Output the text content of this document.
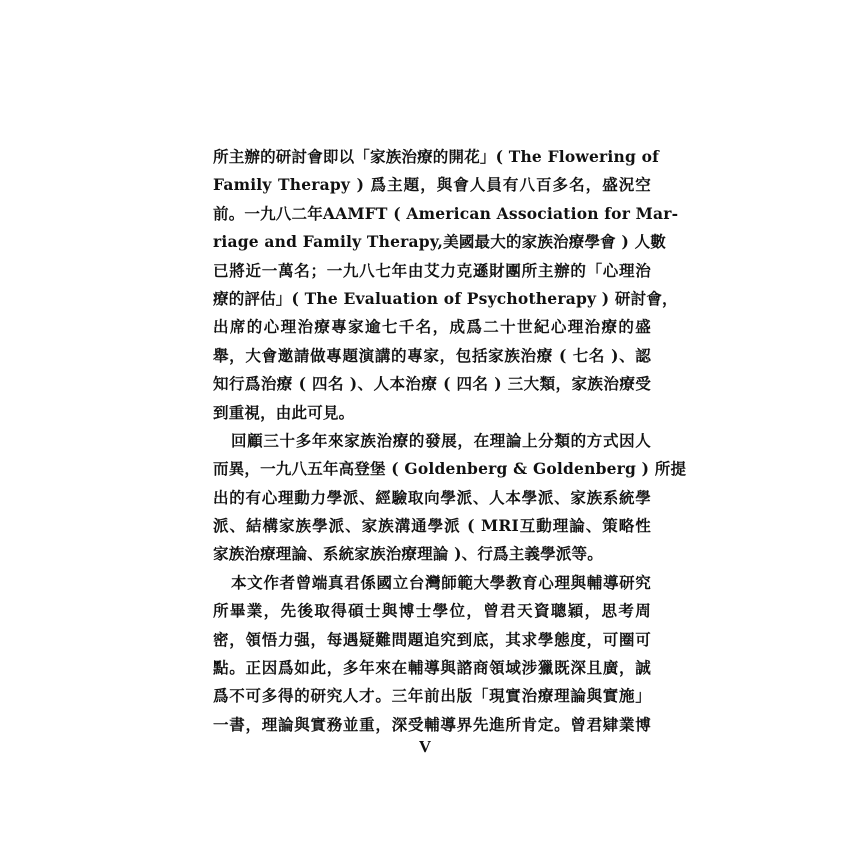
所主辦的研討會即以「家族治療的開花」( The Flowering of
Family Therapy ) 爲主題，與會人員有八百多名，盛況空
前。一九八二年AAMFT ( American Association for Mar-
riage and Family Therapy,美國最大的家族治療學會 ) 人數
已將近一萬名；一九八七年由艾力克遜財團所主辦的「心理治
療的評估」( The Evaluation of Psychotherapy ) 研討會，
出席的心理治療專家逾七千名，成爲二十世紀心理治療的盛
舉，大會邀請做專題演講的專家，包括家族治療 ( 七名 )、認
知行爲治療 ( 四名 )、人本治療 ( 四名 ) 三大類，家族治療受
到重視，由此可見。
回顧三十多年來家族治療的發展，在理論上分類的方式因人
而異，一九八五年高登堡 ( Goldenberg & Goldenberg ) 所提
出的有心理動力學派、經驗取向學派、人本學派、家族系統學
派、結構家族學派、家族溝通學派 ( MRI互動理論、策略性
家族治療理論、系統家族治療理論 )、行爲主義學派等。
本文作者曾端真君係國立台灣師範大學教育心理與輔導研究
所畢業，先後取得碩士與博士學位，曾君天資聰穎，思考周
密，領悟力强，每遇疑難問題追究到底，其求學態度，可圈可
點。正因爲如此，多年來在輔導與諮商領域涉獵既深且廣，誠
爲不可多得的研究人才。三年前出版「現實治療理論與實施」
一書，理論與實務並重，深受輔導界先進所肯定。曾君肄業博
V
